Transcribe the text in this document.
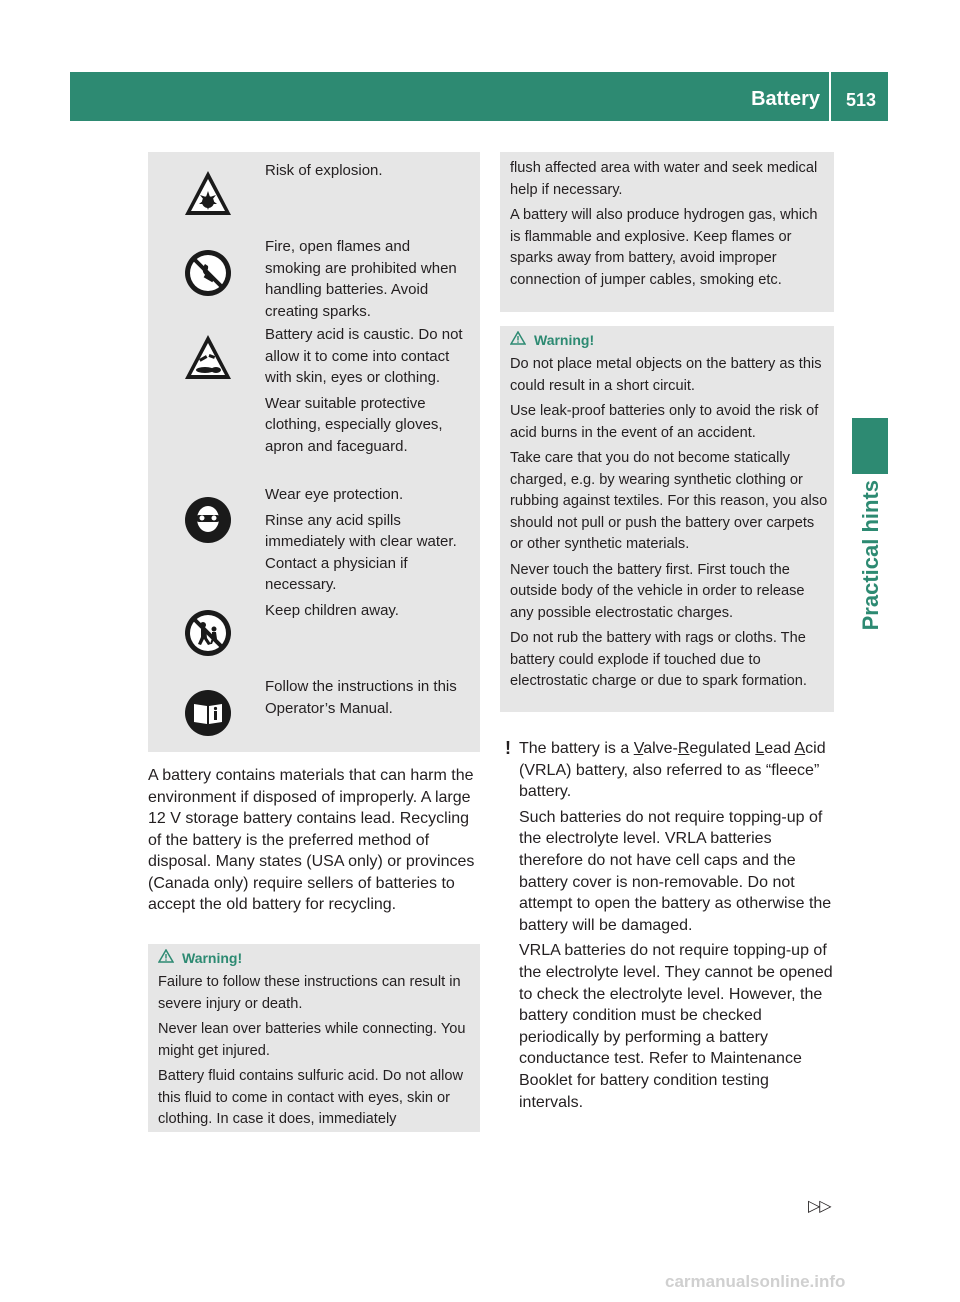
Battery	513
Practical hints

Risk of explosion.

Fire, open flames and smoking are prohibited when handling batteries. Avoid creating sparks.

Battery acid is caustic. Do not allow it to come into contact with skin, eyes or clothing.

Wear suitable protective clothing, especially gloves, apron and faceguard.

Wear eye protection.

Rinse any acid spills immediately with clear water. Contact a physician if necessary.

Keep children away.

Follow the instructions in this Operator’s Manual.

A battery contains materials that can harm the environment if disposed of improperly. A large 12 V storage battery contains lead. Recycling of the battery is the preferred method of disposal. Many states (USA only) or provinces (Canada only) require sellers of batteries to accept the old battery for recycling.
Warning!

Failure to follow these instructions can result in severe injury or death.

Never lean over batteries while connecting. You might get injured.

Battery fluid contains sulfuric acid. Do not allow this fluid to come in contact with eyes, skin or clothing. In case it does, immediately

flush affected area with water and seek medical help if necessary.

A battery will also produce hydrogen gas, which is flammable and explosive. Keep flames or sparks away from battery, avoid improper connection of jumper cables, smoking etc.

Warning!

Do not place metal objects on the battery as this could result in a short circuit.

Use leak-proof batteries only to avoid the risk of acid burns in the event of an accident.

Take care that you do not become statically charged, e.g. by wearing synthetic clothing or rubbing against textiles. For this reason, you also should not pull or push the battery over carpets or other synthetic materials.

Never touch the battery first. First touch the outside body of the vehicle in order to release any possible electrostatic charges.

Do not rub the battery with rags or cloths. The battery could explode if touched due to electrostatic charge or due to spark formation.

! The battery is a Valve-Regulated Lead Acid (VRLA) battery, also referred to as “fleece” battery.

Such batteries do not require topping-up of the electrolyte level. VRLA batteries therefore do not have cell caps and the battery cover is non-removable. Do not attempt to open the battery as otherwise the battery will be damaged.

VRLA batteries do not require topping-up of the electrolyte level. They cannot be opened to check the electrolyte level. However, the battery condition must be checked periodically by performing a battery conductance test. Refer to Maintenance Booklet for battery condition testing intervals.

▷▷
carmanualsonline.info
